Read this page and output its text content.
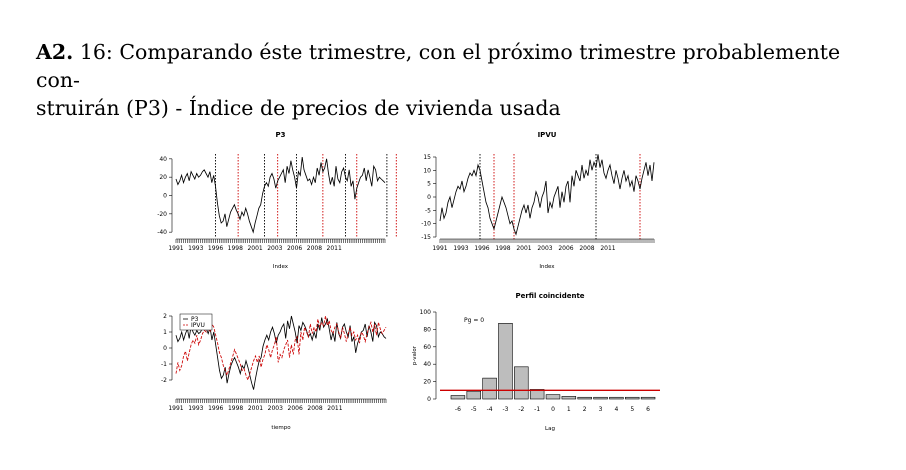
A2. 16: Comparando éste trimestre, con el próximo trimestre probablemente con-
struirán (P3) - Índice de precios de vivienda usada
-40
-20
0
20
40
1991 1993 1996 1998 2001 2003 2006 2008 2011
Index
P3
-15
-10
-5
0
5
10
15
1991 1993 1996 1998 2001 2003 2006 2008 2011
Index
IPVU
-2
-1
0
1
2
1991 1993 1996 1998 2001 2003 2006 2008 2011
tiempo
P3
IPVU
0
20
40
60
80
100
p-valor
-6 -5 -4 -3 -2 -1 0 1 2 3 4 5 6
Pg = 0
Perfil coincidente
Lag
